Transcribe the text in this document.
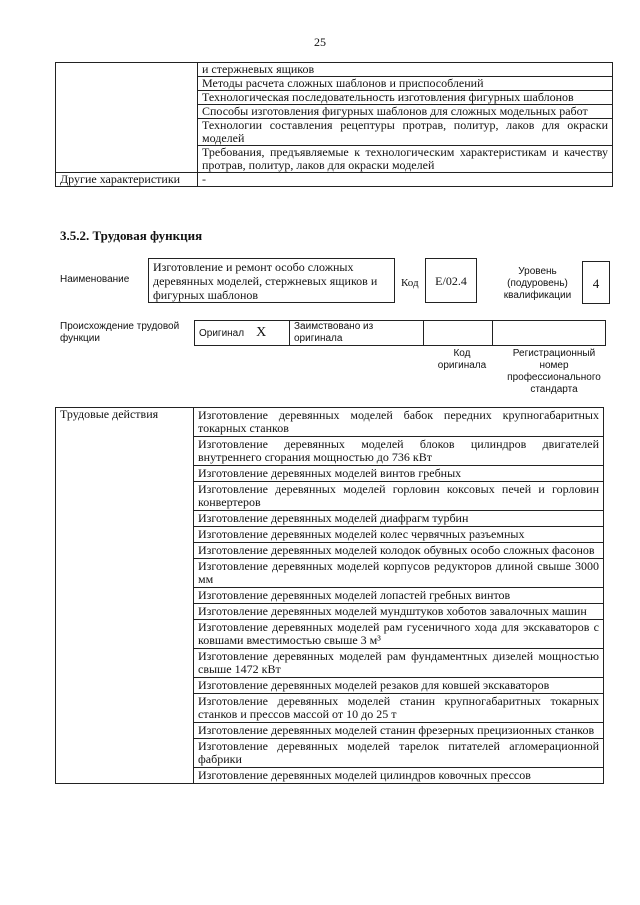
25
	и стержневых ящиков
	Методы расчета сложных шаблонов и приспособлений
	Технологическая последовательность изготовления фигурных шаблонов
	Способы изготовления фигурных шаблонов для сложных модельных работ
	Технологии составления рецептуры протрав, политур, лаков для окраски моделей
	Требования, предъявляемые к технологическим характеристикам и качеству протрав, политур, лаков для окраски моделей
Другие характеристики	-
3.5.2. Трудовая функция
Наименование
Изготовление и ремонт особо сложных деревянных моделей, стержневых ящиков и фигурных шаблонов
Код	E/02.4
Уровень (подуровень) квалификации
4
Происхождение трудовой функции	Оригинал X	Заимствовано из оригинала		
Код оригинала
Регистрационный номер профессионального стандарта
Трудовые действия	Изготовление деревянных моделей бабок передних крупногабаритных токарных станков
Изготовление деревянных моделей блоков цилиндров двигателей внутреннего сгорания мощностью до 736 кВт
Изготовление деревянных моделей винтов гребных
Изготовление деревянных моделей горловин коксовых печей и горловин конвертеров
Изготовление деревянных моделей диафрагм турбин
Изготовление деревянных моделей колес червячных разъемных
Изготовление деревянных моделей колодок обувных особо сложных фасонов
Изготовление деревянных моделей корпусов редукторов длиной свыше 3000 мм
Изготовление деревянных моделей лопастей гребных винтов
Изготовление деревянных моделей мундштуков хоботов завалочных машин
Изготовление деревянных моделей рам гусеничного хода для экскаваторов с ковшами вместимостью свыше 3 м³
Изготовление деревянных моделей рам фундаментных дизелей мощностью свыше 1472 кВт
Изготовление деревянных моделей резаков для ковшей экскаваторов
Изготовление деревянных моделей станин крупногабаритных токарных станков и прессов массой от 10 до 25 т
Изготовление деревянных моделей станин фрезерных прецизионных станков
Изготовление деревянных моделей тарелок питателей агломерационной фабрики
Изготовление деревянных моделей цилиндров ковочных прессов
